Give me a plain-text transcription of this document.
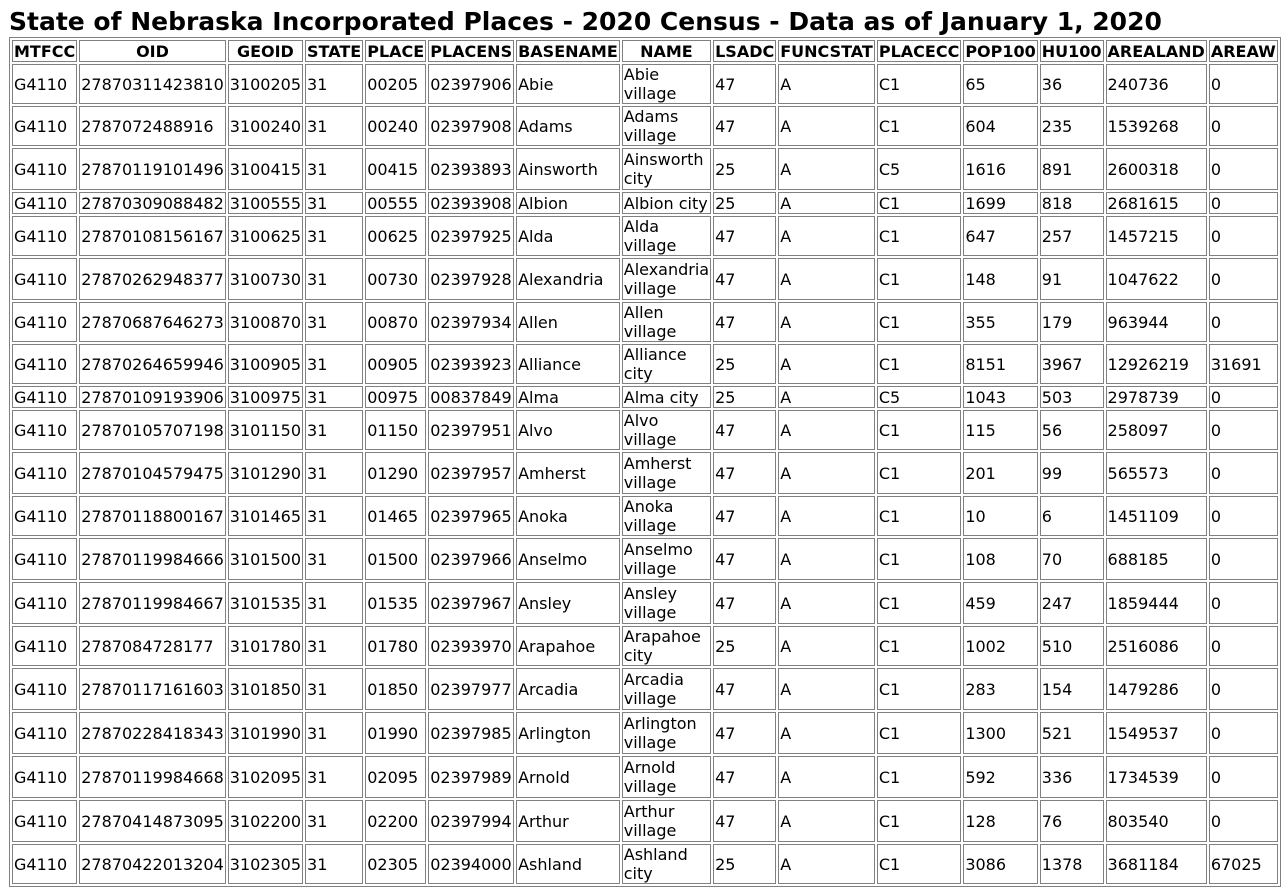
State of Nebraska Incorporated Places - 2020 Census - Data as of January 1, 2020
MTFCC	OID	GEOID	STATE	PLACE	PLACENS	BASENAME	NAME	LSADC	FUNCSTAT	PLACECC	POP100	HU100	AREALAND	AREAW
G4110	27870311423810	3100205	31	00205	02397906	Abie	Abie village	47	A	C1	65	36	240736	0
G4110	2787072488916	3100240	31	00240	02397908	Adams	Adams village	47	A	C1	604	235	1539268	0
G4110	27870119101496	3100415	31	00415	02393893	Ainsworth	Ainsworth city	25	A	C5	1616	891	2600318	0
G4110	27870309088482	3100555	31	00555	02393908	Albion	Albion city	25	A	C1	1699	818	2681615	0
G4110	27870108156167	3100625	31	00625	02397925	Alda	Alda village	47	A	C1	647	257	1457215	0
G4110	27870262948377	3100730	31	00730	02397928	Alexandria	Alexandria village	47	A	C1	148	91	1047622	0
G4110	27870687646273	3100870	31	00870	02397934	Allen	Allen village	47	A	C1	355	179	963944	0
G4110	27870264659946	3100905	31	00905	02393923	Alliance	Alliance city	25	A	C1	8151	3967	12926219	31691
G4110	27870109193906	3100975	31	00975	00837849	Alma	Alma city	25	A	C5	1043	503	2978739	0
G4110	27870105707198	3101150	31	01150	02397951	Alvo	Alvo village	47	A	C1	115	56	258097	0
G4110	27870104579475	3101290	31	01290	02397957	Amherst	Amherst village	47	A	C1	201	99	565573	0
G4110	27870118800167	3101465	31	01465	02397965	Anoka	Anoka village	47	A	C1	10	6	1451109	0
G4110	27870119984666	3101500	31	01500	02397966	Anselmo	Anselmo village	47	A	C1	108	70	688185	0
G4110	27870119984667	3101535	31	01535	02397967	Ansley	Ansley village	47	A	C1	459	247	1859444	0
G4110	2787084728177	3101780	31	01780	02393970	Arapahoe	Arapahoe city	25	A	C1	1002	510	2516086	0
G4110	27870117161603	3101850	31	01850	02397977	Arcadia	Arcadia village	47	A	C1	283	154	1479286	0
G4110	27870228418343	3101990	31	01990	02397985	Arlington	Arlington village	47	A	C1	1300	521	1549537	0
G4110	27870119984668	3102095	31	02095	02397989	Arnold	Arnold village	47	A	C1	592	336	1734539	0
G4110	27870414873095	3102200	31	02200	02397994	Arthur	Arthur village	47	A	C1	128	76	803540	0
G4110	27870422013204	3102305	31	02305	02394000	Ashland	Ashland city	25	A	C1	3086	1378	3681184	67025
